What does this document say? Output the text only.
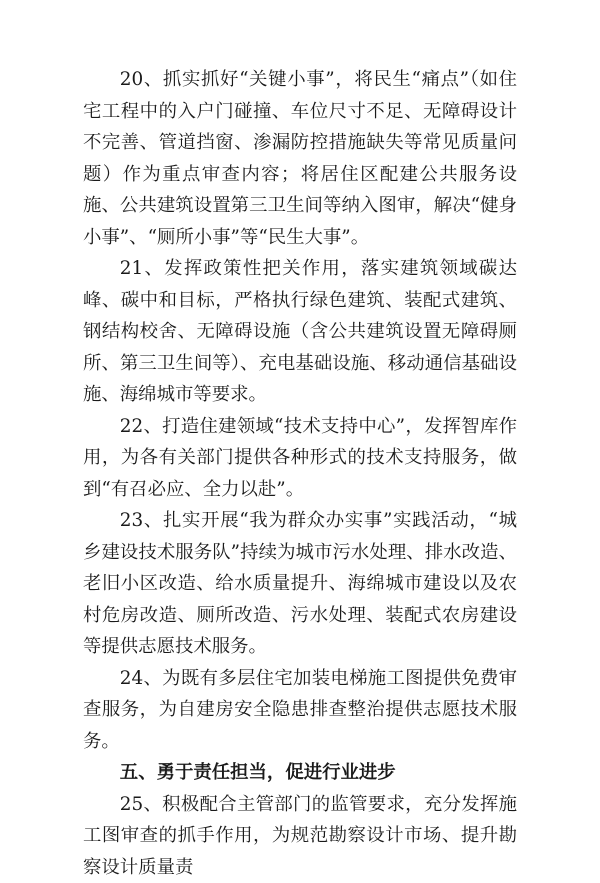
20、抓实抓好“关键小事”，将民生“痛点”（如住宅工程中的入户门碰撞、车位尺寸不足、无障碍设计不完善、管道挡窗、渗漏防控措施缺失等常见质量问题）作为重点审查内容；将居住区配建公共服务设施、公共建筑设置第三卫生间等纳入图审，解决“健身小事”、“厕所小事”等“民生大事”。

21、发挥政策性把关作用，落实建筑领域碳达峰、碳中和目标，严格执行绿色建筑、装配式建筑、钢结构校舍、无障碍设施（含公共建筑设置无障碍厕所、第三卫生间等）、充电基础设施、移动通信基础设施、海绵城市等要求。

22、打造住建领域“技术支持中心”，发挥智库作用，为各有关部门提供各种形式的技术支持服务，做到“有召必应、全力以赴”。

23、扎实开展“我为群众办实事”实践活动，“城乡建设技术服务队”持续为城市污水处理、排水改造、老旧小区改造、给水质量提升、海绵城市建设以及农村危房改造、厕所改造、污水处理、装配式农房建设等提供志愿技术服务。

24、为既有多层住宅加装电梯施工图提供免费审查服务，为自建房安全隐患排查整治提供志愿技术服务。

五、勇于责任担当，促进行业进步

25、积极配合主管部门的监管要求，充分发挥施工图审查的抓手作用，为规范勘察设计市场、提升勘察设计质量责
